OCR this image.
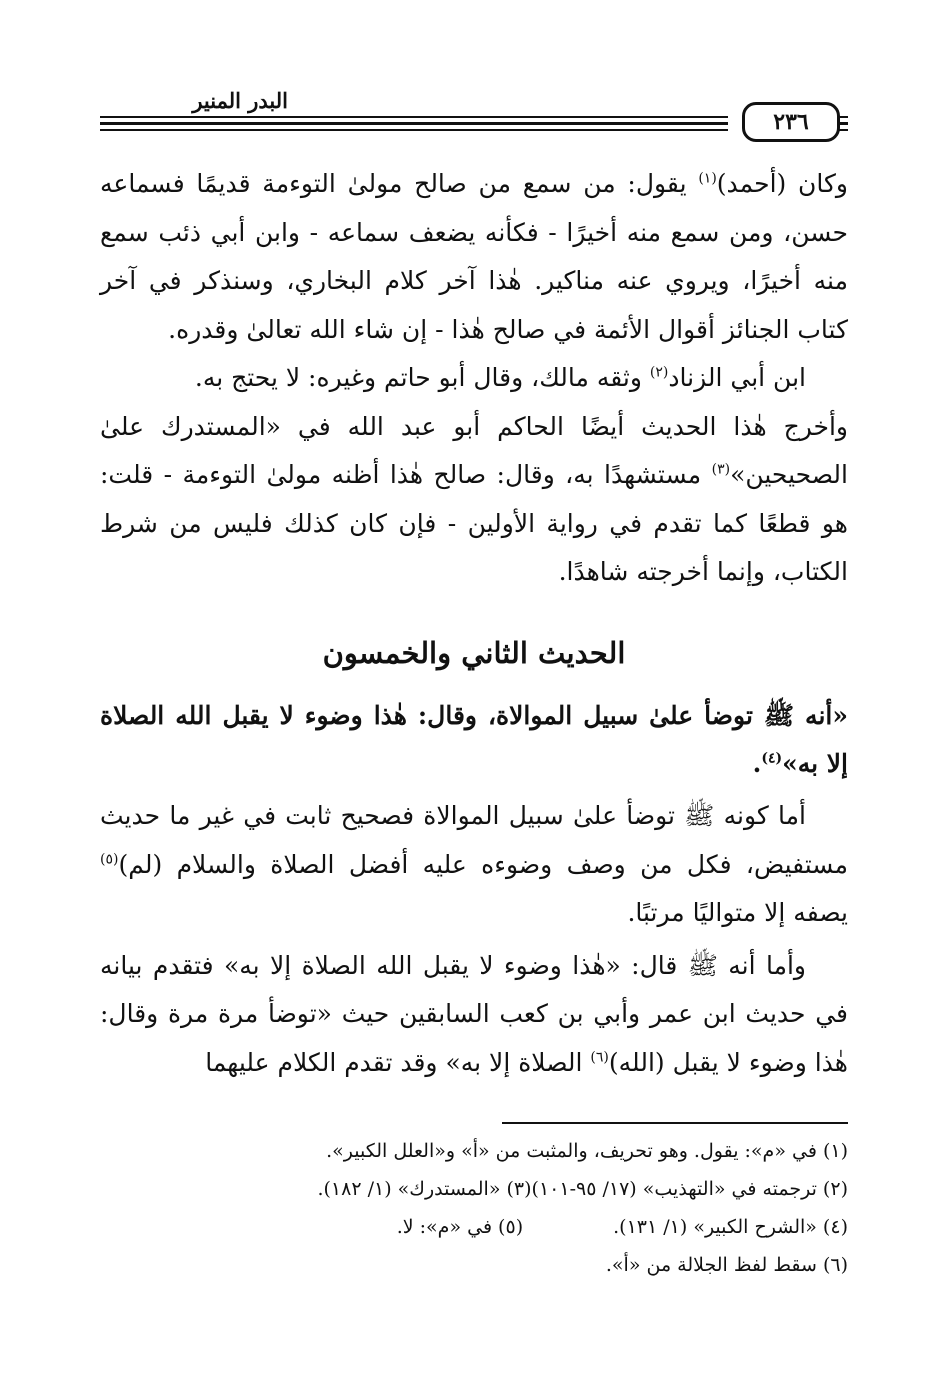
البدر المنير
٢٣٦

وكان (أحمد)$^{(١)}$ يقول: من سمع من صالح مولىٰ التوءمة قديمًا فسماعه حسن، ومن سمع منه أخيرًا - فكأنه يضعف سماعه - وابن أبي ذئب سمع منه أخيرًا، ويروي عنه مناكير. هٰذا آخر كلام البخاري، وسنذكر في آخر كتاب الجنائز أقوال الأئمة في صالح هٰذا - إن شاء الله تعالىٰ وقدره.

ابن أبي الزناد$^{(٢)}$ وثقه مالك، وقال أبو حاتم وغيره: لا يحتج به.

وأخرج هٰذا الحديث أيضًا الحاكم أبو عبد الله في «المستدرك علىٰ الصحيحين»$^{(٣)}$ مستشهدًا به، وقال: صالح هٰذا أظنه مولىٰ التوءمة - قلت: هو قطعًا كما تقدم في رواية الأولين - فإن كان كذلك فليس من شرط الكتاب، وإنما أخرجته شاهدًا.

الحديث الثاني والخمسون
«أنه ﷺ توضأ علىٰ سبيل الموالاة، وقال: هٰذا وضوء لا يقبل الله الصلاة إلا به»$^{(٤)}$.

أما كونه ﷺ توضأ علىٰ سبيل الموالاة فصحيح ثابت في غير ما حديث مستفيض، فكل من وصف وضوءه عليه أفضل الصلاة والسلام (لم)$^{(٥)}$ يصفه إلا متواليًا مرتبًا.

وأما أنه ﷺ قال: «هٰذا وضوء لا يقبل الله الصلاة إلا به» فتقدم بيانه في حديث ابن عمر وأبي بن كعب السابقين حيث «توضأ مرة مرة وقال: هٰذا وضوء لا يقبل (الله)$^{(٦)}$ الصلاة إلا به» وقد تقدم الكلام عليهما

(١) في «م»: يقول. وهو تحريف، والمثبت من «أ» و«العلل الكبير».

(٢) ترجمته في «التهذيب» (١٧/ ٩٥-١٠١)(٣) «المستدرك» (١/ ١٨٢).

(٤) «الشرح الكبير» (١/ ١٣١).
(٥) في «م»: لا.

(٦) سقط لفظ الجلالة من «أ».
